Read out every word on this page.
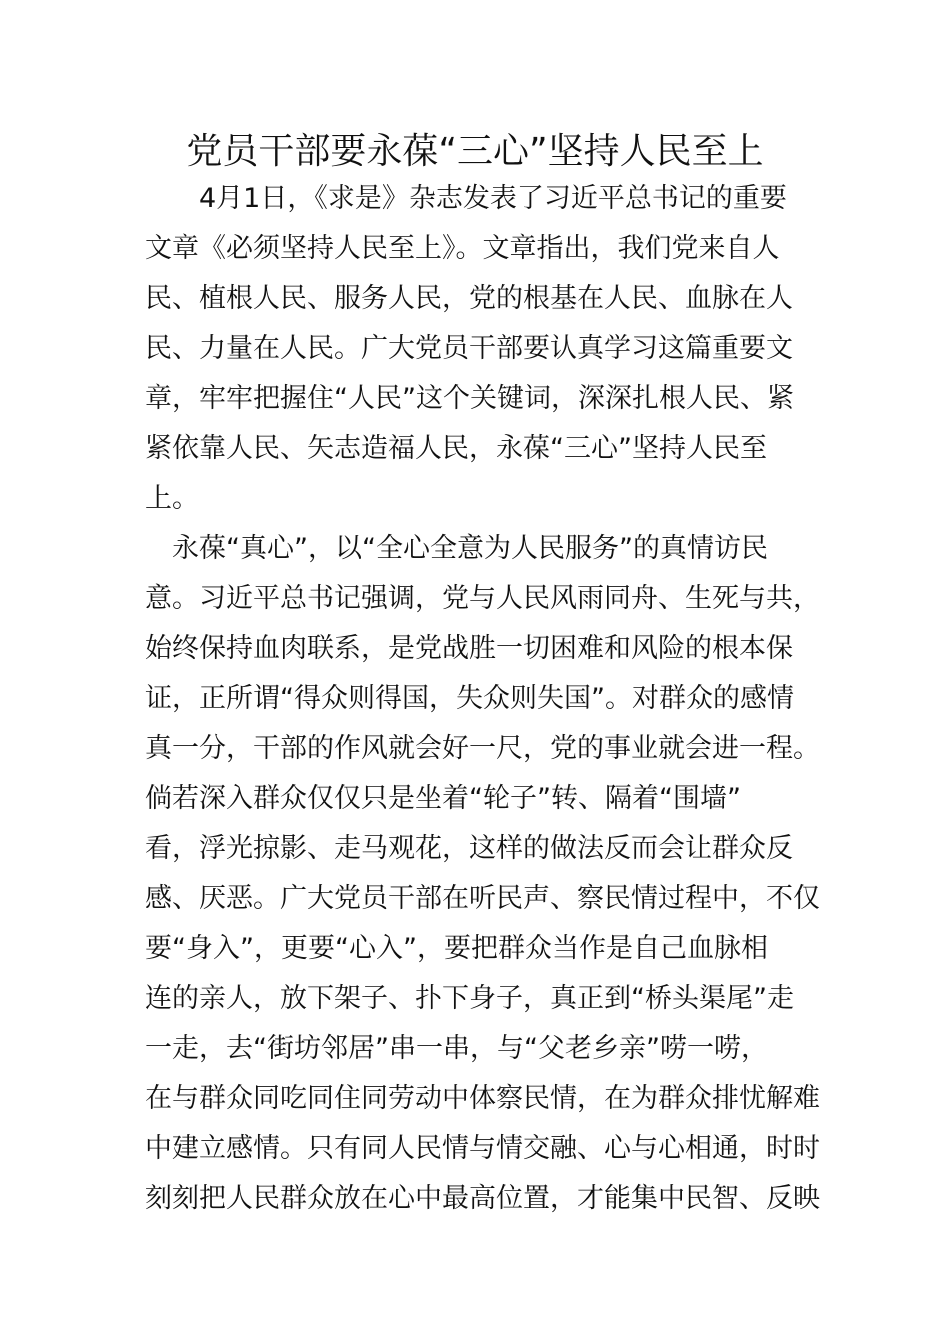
党员干部要永葆“三心”坚持人民至上
　　4月1日，《求是》杂志发表了习近平总书记的重要
文章《必须坚持人民至上》。文章指出，我们党来自人
民、植根人民、服务人民，党的根基在人民、血脉在人
民、力量在人民。广大党员干部要认真学习这篇重要文
章，牢牢把握住“人民”这个关键词，深深扎根人民、紧
紧依靠人民、矢志造福人民，永葆“三心”坚持人民至
上。
　永葆“真心”，以“全心全意为人民服务”的真情访民
意。习近平总书记强调，党与人民风雨同舟、生死与共，
始终保持血肉联系，是党战胜一切困难和风险的根本保
证，正所谓“得众则得国，失众则失国”。对群众的感情
真一分，干部的作风就会好一尺，党的事业就会进一程。
倘若深入群众仅仅只是坐着“轮子”转、隔着“围墙”
看，浮光掠影、走马观花，这样的做法反而会让群众反
感、厌恶。广大党员干部在听民声、察民情过程中，不仅
要“身入”，更要“心入”，要把群众当作是自己血脉相
连的亲人，放下架子、扑下身子，真正到“桥头渠尾”走
一走，去“街坊邻居”串一串，与“父老乡亲”唠一唠，
在与群众同吃同住同劳动中体察民情，在为群众排忧解难
中建立感情。只有同人民情与情交融、心与心相通，时时
刻刻把人民群众放在心中最高位置，才能集中民智、反映
